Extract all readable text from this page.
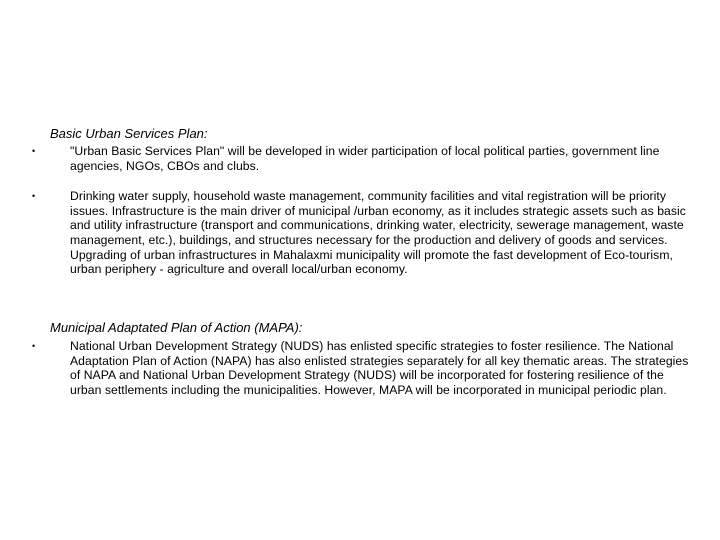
Basic Urban Services Plan:
•	"Urban Basic Services Plan" will be developed in wider participation of local political parties, government line agencies, NGOs, CBOs and clubs.
•	Drinking water supply, household waste management, community facilities and vital registration will be priority issues. Infrastructure is the main driver of municipal /urban economy, as it includes strategic assets such as basic and utility infrastructure (transport and communications, drinking water, electricity, sewerage management, waste management, etc.), buildings, and structures necessary for the production and delivery of goods and services. Upgrading of urban infrastructures in Mahalaxmi municipality will promote the fast development of Eco-tourism, urban periphery - agriculture and overall local/urban economy.
Municipal Adaptated Plan of Action (MAPA):
•	National Urban Development Strategy (NUDS) has enlisted specific strategies to foster resilience. The National Adaptation Plan of Action (NAPA) has also enlisted strategies separately for all key thematic areas. The strategies of NAPA and National Urban Development Strategy (NUDS) will be incorporated for fostering resilience of the urban settlements including the municipalities. However, MAPA will be incorporated in municipal periodic plan.
